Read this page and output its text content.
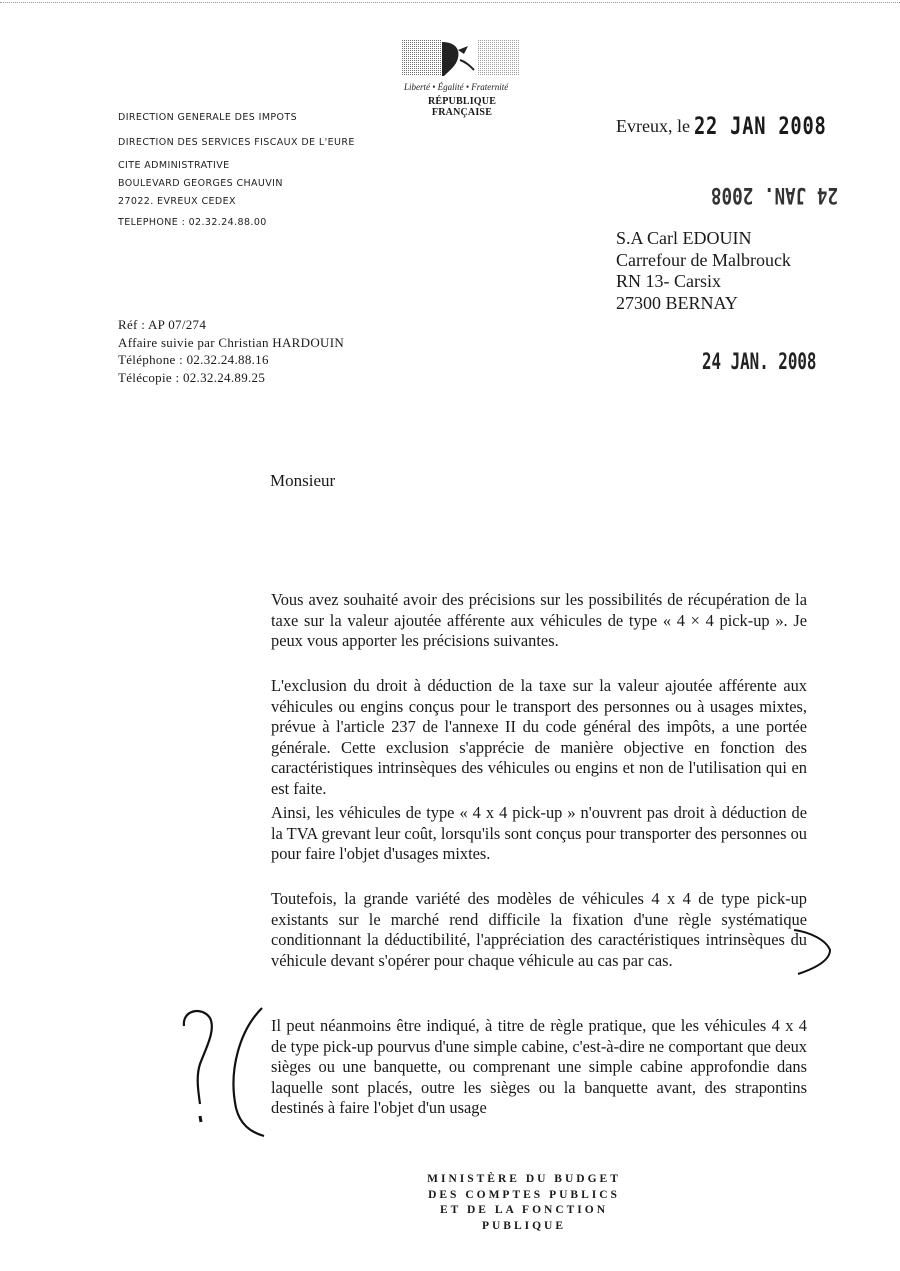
Liberté • Égalité • Fraternité
RÉPUBLIQUE FRANÇAISE
DIRECTION GENERALE DES IMPOTS
DIRECTION DES SERVICES FISCAUX DE L'EURE
CITE ADMINISTRATIVE
BOULEVARD GEORGES CHAUVIN
27022. EVREUX CEDEX
TELEPHONE : 02.32.24.88.00
Evreux, le 22 JAN 2008
24 JAN. 2008
S.A Carl EDOUIN
Carrefour de Malbrouck
RN 13- Carsix
27300 BERNAY
Réf : AP 07/274
Affaire suivie par Christian HARDOUIN
Téléphone : 02.32.24.88.16
Télécopie : 02.32.24.89.25
24 JAN. 2008
Monsieur
Vous avez souhaité avoir des précisions sur les possibilités de récupération de la taxe sur la valeur ajoutée afférente aux véhicules de type « 4 × 4 pick-up ». Je peux vous apporter les précisions suivantes.
L'exclusion du droit à déduction de la taxe sur la valeur ajoutée afférente aux véhicules ou engins conçus pour le transport des personnes ou à usages mixtes, prévue à l'article 237 de l'annexe II du code général des impôts, a une portée générale. Cette exclusion s'apprécie de manière objective en fonction des caractéristiques intrinsèques des véhicules ou engins et non de l'utilisation qui en est faite.
Ainsi, les véhicules de type « 4 x 4 pick-up » n'ouvrent pas droit à déduction de la TVA grevant leur coût, lorsqu'ils sont conçus pour transporter des personnes ou pour faire l'objet d'usages mixtes.
Toutefois, la grande variété des modèles de véhicules 4 x 4 de type pick-up existants sur le marché rend difficile la fixation d'une règle systématique conditionnant la déductibilité, l'appréciation des caractéristiques intrinsèques du véhicule devant s'opérer pour chaque véhicule au cas par cas.
Il peut néanmoins être indiqué, à titre de règle pratique, que les véhicules 4 x 4 de type pick-up pourvus d'une simple cabine, c'est-à-dire ne comportant que deux sièges ou une banquette, ou comprenant une simple cabine approfondie dans laquelle sont placés, outre les sièges ou la banquette avant, des strapontins destinés à faire l'objet d'un usage
MINISTÈRE DU BUDGET
DES COMPTES PUBLICS
ET DE LA FONCTION PUBLIQUE
